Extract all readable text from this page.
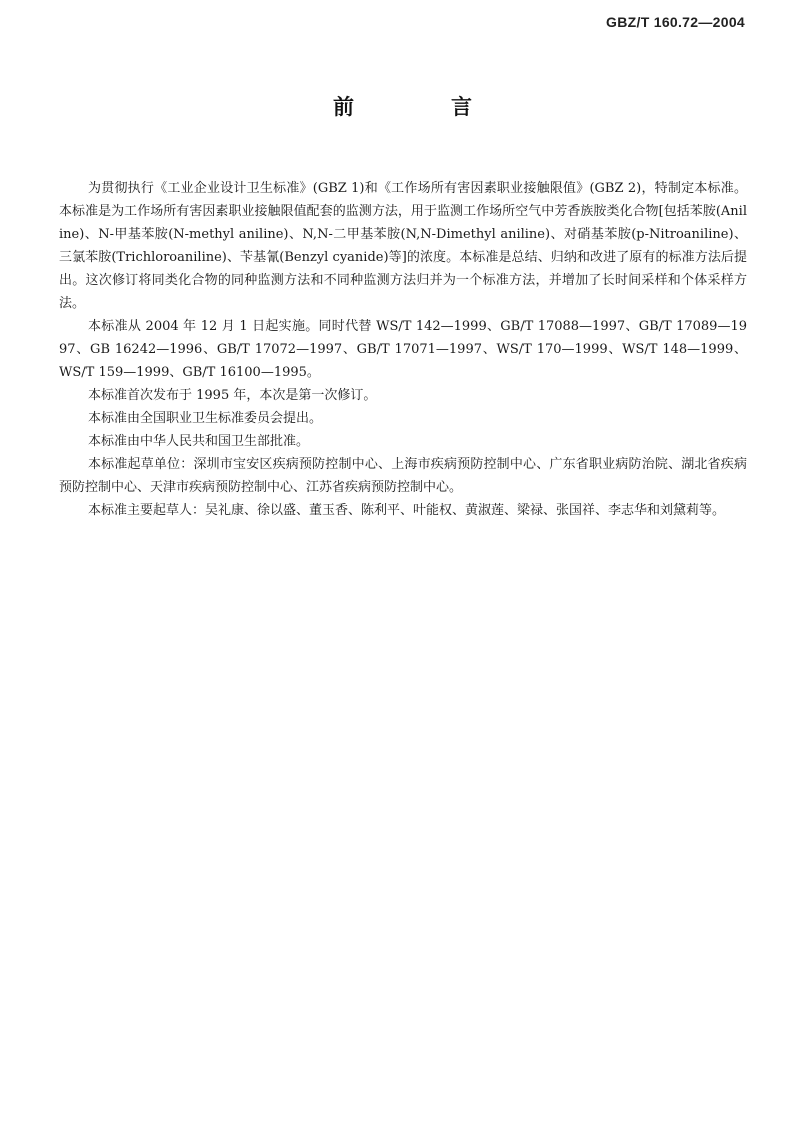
GBZ/T 160.72—2004
前　言

为贯彻执行《工业企业设计卫生标准》(GBZ 1)和《工作场所有害因素职业接触限值》(GBZ 2)，特制定本标准。本标准是为工作场所有害因素职业接触限值配套的监测方法，用于监测工作场所空气中芳香族胺类化合物[包括苯胺(Aniline)、N-甲基苯胺(N-methyl aniline)、N,N-二甲基苯胺(N,N-Dimethyl aniline)、对硝基苯胺(p-Nitroaniline)、三氯苯胺(Trichloroaniline)、苄基氰(Benzyl cyanide)等]的浓度。本标准是总结、归纳和改进了原有的标准方法后提出。这次修订将同类化合物的同种监测方法和不同种监测方法归并为一个标准方法，并增加了长时间采样和个体采样方法。

本标准从 2004 年 12 月 1 日起实施。同时代替 WS/T 142—1999、GB/T 17088—1997、GB/T 17089—1997、GB 16242—1996、GB/T 17072—1997、GB/T 17071—1997、WS/T 170—1999、WS/T 148—1999、WS/T 159—1999、GB/T 16100—1995。

本标准首次发布于 1995 年，本次是第一次修订。

本标准由全国职业卫生标准委员会提出。

本标准由中华人民共和国卫生部批准。

本标准起草单位：深圳市宝安区疾病预防控制中心、上海市疾病预防控制中心、广东省职业病防治院、湖北省疾病预防控制中心、天津市疾病预防控制中心、江苏省疾病预防控制中心。

本标准主要起草人：吴礼康、徐以盛、董玉香、陈利平、叶能权、黄淑莲、梁禄、张国祥、李志华和刘黛莉等。
